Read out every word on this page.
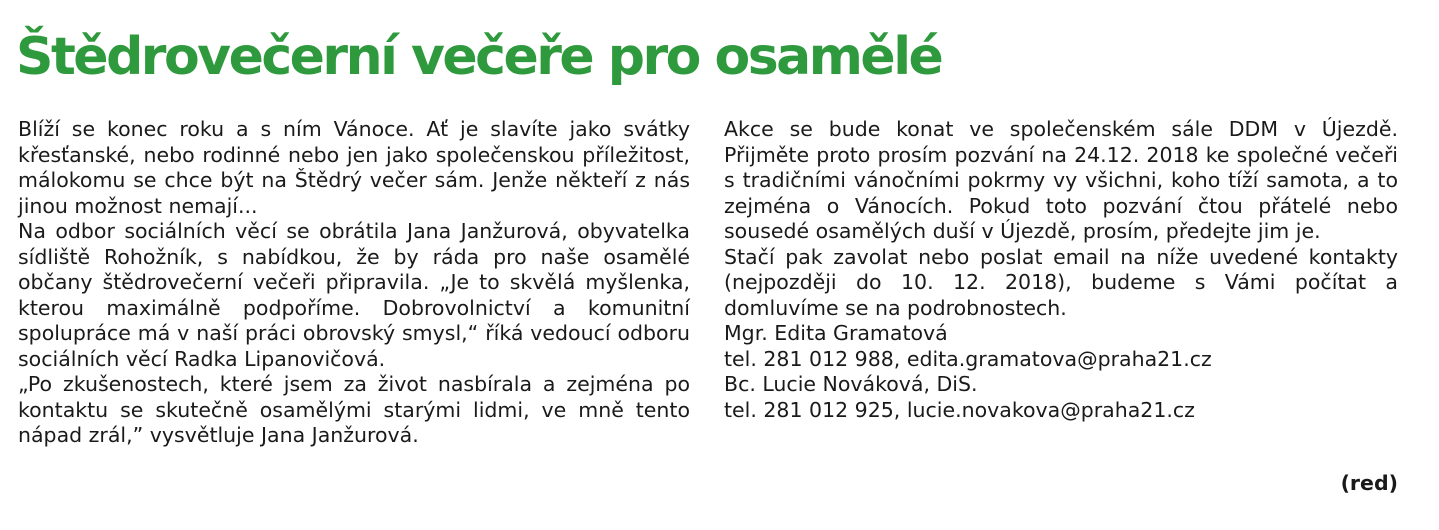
Štědrovečerní večeře pro osamělé

Blíží se konec roku a s ním Vánoce. Ať je slavíte jako svátky křesťanské, nebo rodinné nebo jen jako společenskou příležitost, málokomu se chce být na Štědrý večer sám. Jenže někteří z nás jinou možnost nemají...

Na odbor sociálních věcí se obrátila Jana Janžurová, obyvatelka sídliště Rohožník, s nabídkou, že by ráda pro naše osamělé občany štědrovečerní večeři připravila. „Je to skvělá myšlenka, kterou maximálně podpoříme. Dobrovolnictví a komunitní spolupráce má v naší práci obrovský smysl,“ říká vedoucí odboru sociálních věcí Radka Lipanovičová.

„Po zkušenostech, které jsem za život nasbírala a zejména po kontaktu se skutečně osamělými starými lidmi, ve mně tento nápad zrál,” vysvětluje Jana Janžurová.

Akce se bude konat ve společenském sále DDM v Újezdě. Přijměte proto prosím pozvání na 24.12. 2018 ke společné večeři s tradičními vánočními pokrmy vy všichni, koho tíží samota, a to zejména o Vánocích. Pokud toto pozvání čtou přátelé nebo sousedé osamělých duší v Újezdě, prosím, předejte jim je.

Stačí pak zavolat nebo poslat email na níže uvedené kontakty (nejpozději do 10. 12. 2018), budeme s Vámi počítat a domluvíme se na podrobnostech.

Mgr. Edita Gramatová

tel. 281 012 988, edita.gramatova@praha21.cz

Bc. Lucie Nováková, DiS.

tel. 281 012 925, lucie.novakova@praha21.cz

(red)
